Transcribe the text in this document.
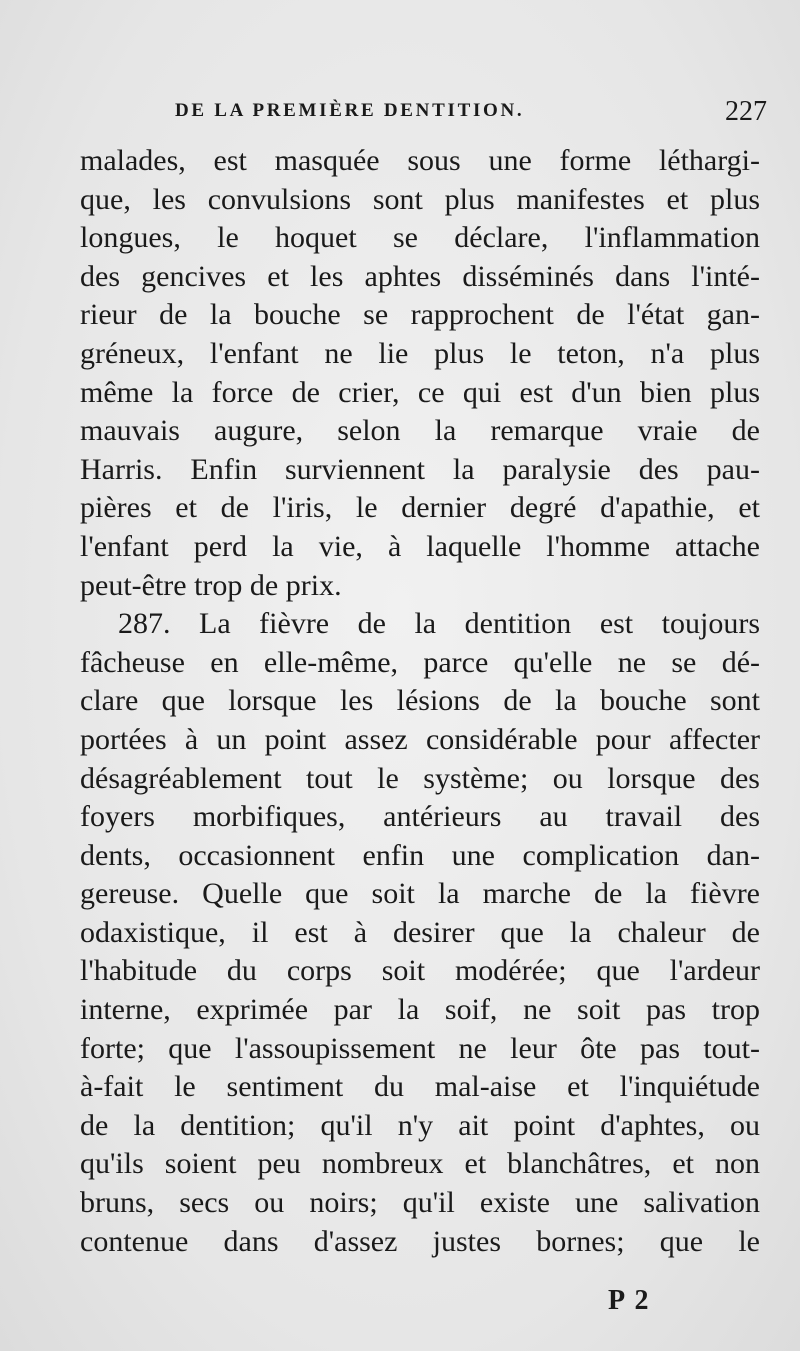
DE LA PREMIÈRE DENTITION.	227
malades, est masquée sous une forme léthargi-
que, les convulsions sont plus manifestes et plus
longues, le hoquet se déclare, l'inflammation
des gencives et les aphtes disséminés dans l'inté-
rieur de la bouche se rapprochent de l'état gan-
gréneux, l'enfant ne lie plus le teton, n'a plus
même la force de crier, ce qui est d'un bien plus
mauvais augure, selon la remarque vraie de
Harris. Enfin surviennent la paralysie des pau-
pières et de l'iris, le dernier degré d'apathie, et
l'enfant perd la vie, à laquelle l'homme attache
peut-être trop de prix.
287. La fièvre de la dentition est toujours
fâcheuse en elle-même, parce qu'elle ne se dé-
clare que lorsque les lésions de la bouche sont
portées à un point assez considérable pour affecter
désagréablement tout le système; ou lorsque des
foyers morbifiques, antérieurs au travail des
dents, occasionnent enfin une complication dan-
gereuse. Quelle que soit la marche de la fièvre
odaxistique, il est à desirer que la chaleur de
l'habitude du corps soit modérée; que l'ardeur
interne, exprimée par la soif, ne soit pas trop
forte; que l'assoupissement ne leur ôte pas tout-
à-fait le sentiment du mal-aise et l'inquiétude
de la dentition; qu'il n'y ait point d'aphtes, ou
qu'ils soient peu nombreux et blanchâtres, et non
bruns, secs ou noirs; qu'il existe une salivation
contenue dans d'assez justes bornes; que le
P 2
